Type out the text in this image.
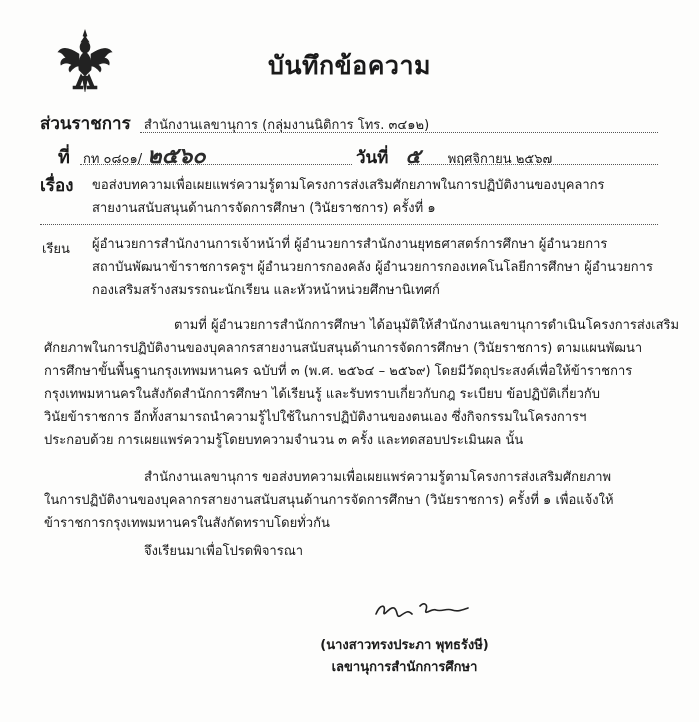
บันทึกข้อความ
ส่วนราชการ สำนักงานเลขานุการ (กลุ่มงานนิติการ โทร. ๓๔๑๒)
ที่ กท ๐๘๐๑/ ๒๕๖๐	วันที่ ๕ พฤศจิกายน ๒๕๖๗
เรื่อง ขอส่งบทความเพื่อเผยแพร่ความรู้ตามโครงการส่งเสริมศักยภาพในการปฏิบัติงานของบุคลากร
สายงานสนับสนุนด้านการจัดการศึกษา (วินัยราชการ) ครั้งที่ ๑
เรียน ผู้อำนวยการสำนักงานการเจ้าหน้าที่ ผู้อำนวยการสำนักงานยุทธศาสตร์การศึกษา ผู้อำนวยการ
สถาบันพัฒนาข้าราชการครูฯ ผู้อำนวยการกองคลัง ผู้อำนวยการกองเทคโนโลยีการศึกษา ผู้อำนวยการ
กองเสริมสร้างสมรรถนะนักเรียน และหัวหน้าหน่วยศึกษานิเทศก์
ตามที่ ผู้อำนวยการสำนักการศึกษา ได้อนุมัติให้สำนักงานเลขานุการดำเนินโครงการส่งเสริม
ศักยภาพในการปฏิบัติงานของบุคลากรสายงานสนับสนุนด้านการจัดการศึกษา (วินัยราชการ) ตามแผนพัฒนา
การศึกษาขั้นพื้นฐานกรุงเทพมหานคร ฉบับที่ ๓ (พ.ศ. ๒๕๖๔ – ๒๕๖๙) โดยมีวัตถุประสงค์เพื่อให้ข้าราชการ
กรุงเทพมหานครในสังกัดสำนักการศึกษา ได้เรียนรู้ และรับทราบเกี่ยวกับกฎ ระเบียบ ข้อปฏิบัติเกี่ยวกับ
วินัยข้าราชการ อีกทั้งสามารถนำความรู้ไปใช้ในการปฏิบัติงานของตนเอง ซึ่งกิจกรรมในโครงการฯ
ประกอบด้วย การเผยแพร่ความรู้โดยบทความจำนวน ๓ ครั้ง และทดสอบประเมินผล นั้น
สำนักงานเลขานุการ ขอส่งบทความเพื่อเผยแพร่ความรู้ตามโครงการส่งเสริมศักยภาพ
ในการปฏิบัติงานของบุคลากรสายงานสนับสนุนด้านการจัดการศึกษา (วินัยราชการ) ครั้งที่ ๑ เพื่อแจ้งให้
ข้าราชการกรุงเทพมหานครในสังกัดทราบโดยทั่วกัน
จึงเรียนมาเพื่อโปรดพิจารณา
(นางสาวทรงประภา พุทธรังษี)
เลขานุการสำนักการศึกษา
